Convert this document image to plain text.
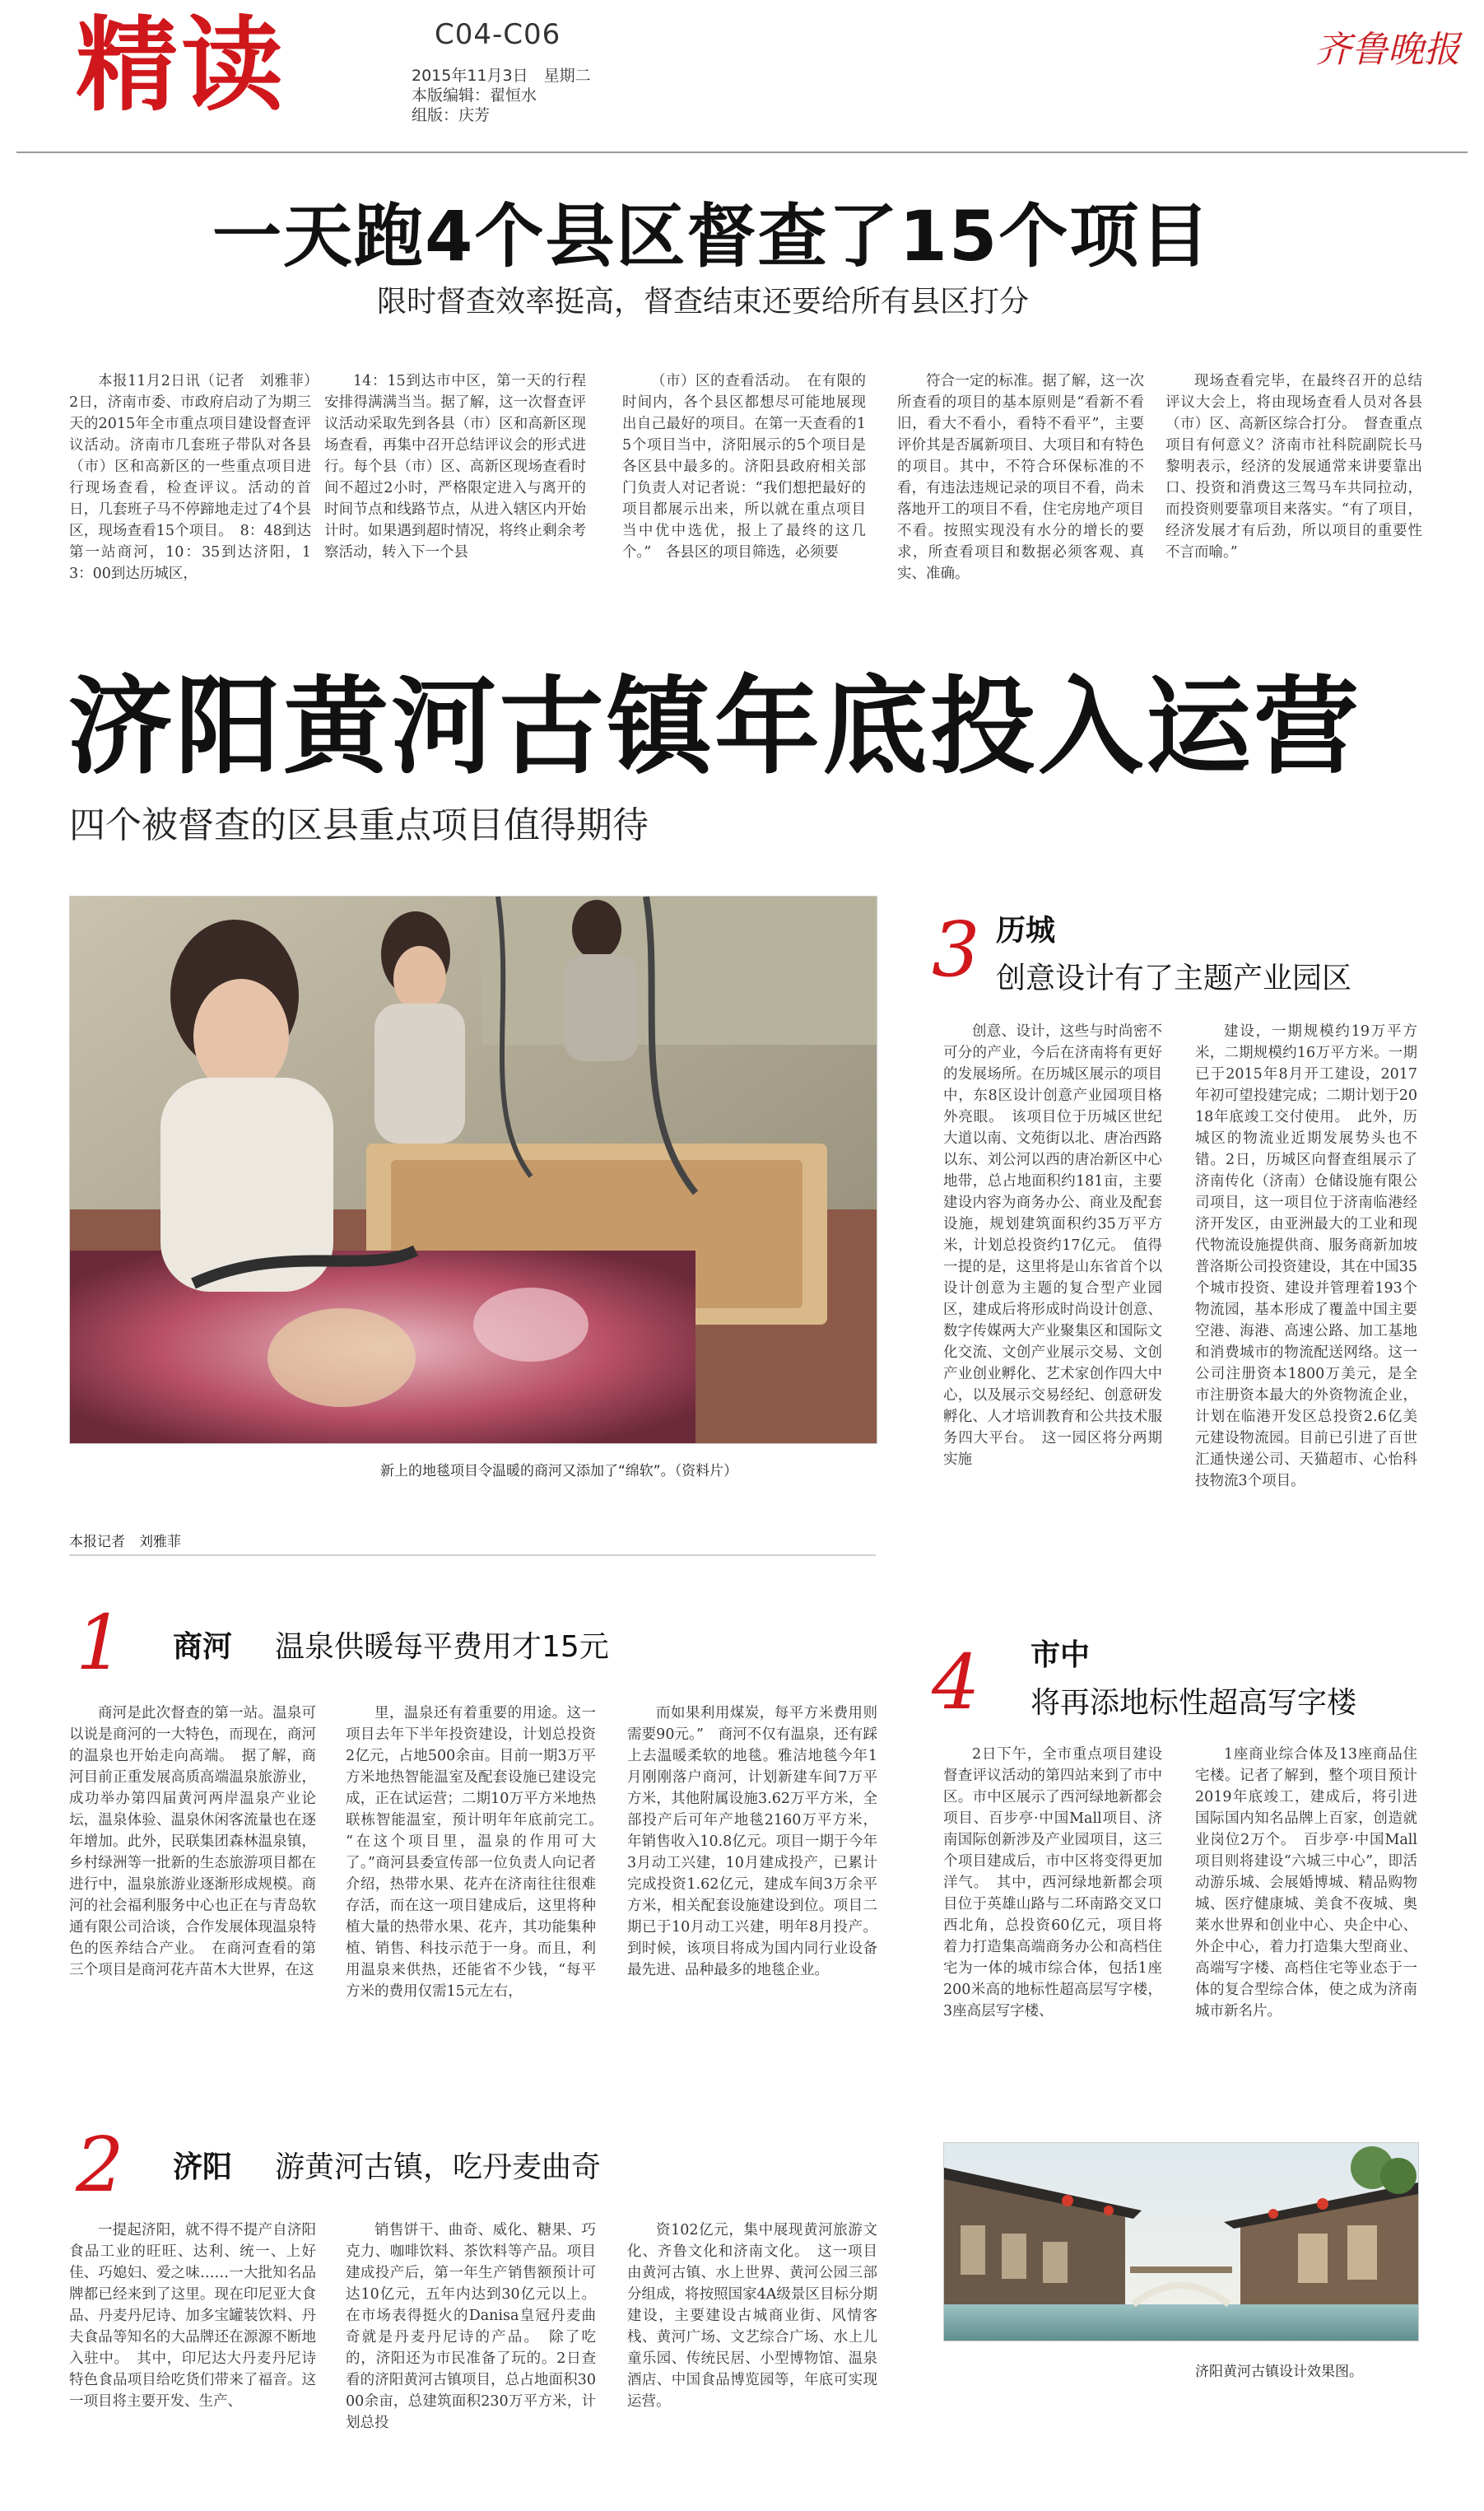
精读	C04-C06
2015年11月3日　星期二
本版编辑：翟恒水
组版：庆芳
齐鲁晚报
一天跑4个县区督查了15个项目
限时督查效率挺高，督查结束还要给所有县区打分

本报11月2日讯（记者　刘雅菲）　2日，济南市委、市政府启动了为期三天的2015年全市重点项目建设督查评议活动。济南市几套班子带队对各县（市）区和高新区的一些重点项目进行现场查看，检查评议。活动的首日，几套班子马不停蹄地走过了4个县区，现场查看15个项目。　8：48到达第一站商河，10：35到达济阳，13：00到达历城区，

14：15到达市中区，第一天的行程安排得满满当当。据了解，这一次督查评议活动采取先到各县（市）区和高新区现场查看，再集中召开总结评议会的形式进行。每个县（市）区、高新区现场查看时间不超过2小时，严格限定进入与离开的时间节点和线路节点，从进入辖区内开始计时。如果遇到超时情况，将终止剩余考察活动，转入下一个县

（市）区的查看活动。　在有限的时间内，各个县区都想尽可能地展现出自己最好的项目。在第一天查看的15个项目当中，济阳展示的5个项目是各区县中最多的。济阳县政府相关部门负责人对记者说：“我们想把最好的项目都展示出来，所以就在重点项目当中优中选优，报上了最终的这几个。”　各县区的项目筛选，必须要

符合一定的标准。据了解，这一次所查看的项目的基本原则是“看新不看旧，看大不看小，看特不看平”，主要评价其是否属新项目、大项目和有特色的项目。其中，不符合环保标准的不看，有违法违规记录的项目不看，尚未落地开工的项目不看，住宅房地产项目不看。按照实现没有水分的增长的要求，所查看项目和数据必须客观、真实、准确。

现场查看完毕，在最终召开的总结评议大会上，将由现场查看人员对各县（市）区、高新区综合打分。　督查重点项目有何意义？济南市社科院副院长马黎明表示，经济的发展通常来讲要靠出口、投资和消费这三驾马车共同拉动，而投资则要靠项目来落实。“有了项目，经济发展才有后劲，所以项目的重要性不言而喻。”

济阳黄河古镇年底投入运营
四个被督查的区县重点项目值得期待
新上的地毯项目令温暖的商河又添加了“绵软”。（资料片）
本报记者　刘雅菲
1 商河 温泉供暖每平费用才15元

商河是此次督查的第一站。温泉可以说是商河的一大特色，而现在，商河的温泉也开始走向高端。　据了解，商河目前正重发展高质高端温泉旅游业，成功举办第四届黄河两岸温泉产业论坛，温泉体验、温泉休闲客流量也在逐年增加。此外，民联集团森林温泉镇，乡村绿洲等一批新的生态旅游项目都在进行中，温泉旅游业逐渐形成规模。商河的社会福利服务中心也正在与青岛软通有限公司洽谈，合作发展体现温泉特色的医养结合产业。　在商河查看的第三个项目是商河花卉苗木大世界，在这

里，温泉还有着重要的用途。这一项目去年下半年投资建设，计划总投资2亿元，占地500余亩。目前一期3万平方米地热智能温室及配套设施已建设完成，正在试运营；二期10万平方米地热联栋智能温室，预计明年年底前完工。　“在这个项目里，温泉的作用可大了。”商河县委宣传部一位负责人向记者介绍，热带水果、花卉在济南往往很难存活，而在这一项目建成后，这里将种植大量的热带水果、花卉，其功能集种植、销售、科技示范于一身。而且，利用温泉来供热，还能省不少钱，“每平方米的费用仅需15元左右，

而如果利用煤炭，每平方米费用则需要90元。”　商河不仅有温泉，还有踩上去温暖柔软的地毯。雅洁地毯今年1月刚刚落户商河，计划新建车间7万平方米，其他附属设施3.62万平方米，全部投产后可年产地毯2160万平方米，年销售收入10.8亿元。项目一期于今年3月动工兴建，10月建成投产，已累计完成投资1.62亿元，建成车间3万余平方米，相关配套设施建设到位。项目二期已于10月动工兴建，明年8月投产。到时候，该项目将成为国内同行业设备最先进、品种最多的地毯企业。

2 济阳 游黄河古镇，吃丹麦曲奇

一提起济阳，就不得不提产自济阳食品工业的旺旺、达利、统一、上好佳、巧媳妇、爱之味……一大批知名品牌都已经来到了这里。现在印尼亚大食品、丹麦丹尼诗、加多宝罐装饮料、丹夫食品等知名的大品牌还在源源不断地入驻中。　其中，印尼达大丹麦丹尼诗特色食品项目给吃货们带来了福音。这一项目将主要开发、生产、

销售饼干、曲奇、威化、糖果、巧克力、咖啡饮料、茶饮料等产品。项目建成投产后，第一年生产销售额预计可达10亿元，五年内达到30亿元以上。在市场表得挺火的Danisa皇冠丹麦曲奇就是丹麦丹尼诗的产品。　除了吃的，济阳还为市民准备了玩的。2日查看的济阳黄河古镇项目，总占地面积3000余亩，总建筑面积230万平方米，计划总投

资102亿元，集中展现黄河旅游文化、齐鲁文化和济南文化。　这一项目由黄河古镇、水上世界、黄河公园三部分组成，将按照国家4A级景区目标分期建设，主要建设古城商业街、风情客栈、黄河广场、文艺综合广场、水上儿童乐园、传统民居、小型博物馆、温泉酒店、中国食品博览园等，年底可实现运营。

3 历城
创意设计有了主题产业园区

创意、设计，这些与时尚密不可分的产业，今后在济南将有更好的发展场所。在历城区展示的项目中，东8区设计创意产业园项目格外亮眼。　该项目位于历城区世纪大道以南、文苑街以北、唐冶西路以东、刘公河以西的唐冶新区中心地带，总占地面积约181亩，主要建设内容为商务办公、商业及配套设施，规划建筑面积约35万平方米，计划总投资约17亿元。　值得一提的是，这里将是山东省首个以设计创意为主题的复合型产业园区，建成后将形成时尚设计创意、数字传媒两大产业聚集区和国际文化交流、文创产业展示交易、文创产业创业孵化、艺术家创作四大中心，以及展示交易经纪、创意研发孵化、人才培训教育和公共技术服务四大平台。　这一园区将分两期实施

建设，一期规模约19万平方米，二期规模约16万平方米。一期已于2015年8月开工建设，2017年初可望投建完成；二期计划于2018年底竣工交付使用。　此外，历城区的物流业近期发展势头也不错。2日，历城区向督查组展示了济南传化（济南）仓储设施有限公司项目，这一项目位于济南临港经济开发区，由亚洲最大的工业和现代物流设施提供商、服务商新加坡普洛斯公司投资建设，其在中国35个城市投资、建设并管理着193个物流园，基本形成了覆盖中国主要空港、海港、高速公路、加工基地和消费城市的物流配送网络。这一公司注册资本1800万美元，是全市注册资本最大的外资物流企业，计划在临港开发区总投资2.6亿美元建设物流园。目前已引进了百世汇通快递公司、天猫超市、心怡科技物流3个项目。

4 市中
将再添地标性超高写字楼

2日下午，全市重点项目建设督查评议活动的第四站来到了市中区。市中区展示了西河绿地新都会项目、百步亭·中国Mall项目、济南国际创新涉及产业园项目，这三个项目建成后，市中区将变得更加洋气。　其中，西河绿地新都会项目位于英雄山路与二环南路交叉口西北角，总投资60亿元，项目将着力打造集高端商务办公和高档住宅为一体的城市综合体，包括1座200米高的地标性超高层写字楼，3座高层写字楼、

1座商业综合体及13座商品住宅楼。记者了解到，整个项目预计2019年底竣工，建成后，将引进国际国内知名品牌上百家，创造就业岗位2万个。　百步亭·中国Mall项目则将建设“六城三中心”，即活动游乐城、会展婚博城、精品购物城、医疗健康城、美食不夜城、奥莱水世界和创业中心、央企中心、外企中心，着力打造集大型商业、高端写字楼、高档住宅等业态于一体的复合型综合体，使之成为济南城市新名片。

济阳黄河古镇设计效果图。
